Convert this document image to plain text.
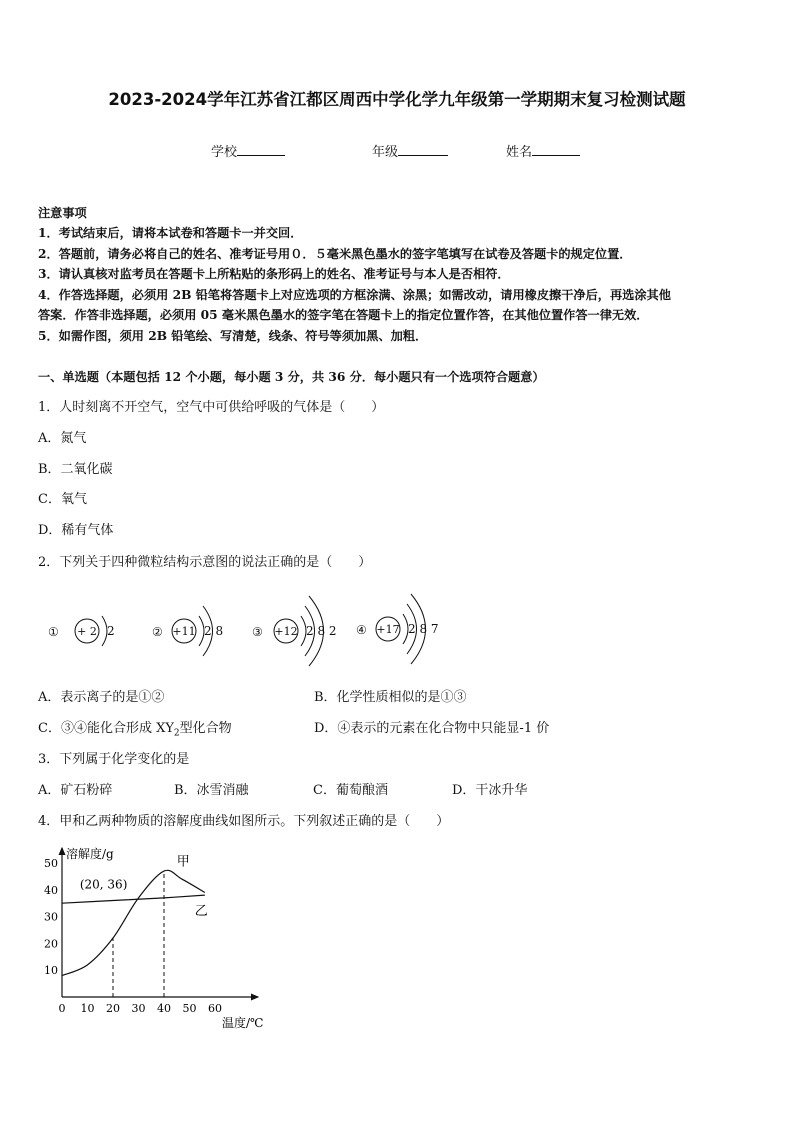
2023-2024学年江苏省江都区周西中学化学九年级第一学期期末复习检测试题
学校	年级	姓名
注意事项
1．考试结束后，请将本试卷和答题卡一并交回．
2．答题前，请务必将自己的姓名、准考证号用０．５毫米黑色墨水的签字笔填写在试卷及答题卡的规定位置．
3．请认真核对监考员在答题卡上所粘贴的条形码上的姓名、准考证号与本人是否相符．
4．作答选择题，必须用 2B 铅笔将答题卡上对应选项的方框涂满、涂黑；如需改动，请用橡皮擦干净后，再选涂其他
答案．作答非选择题，必须用 05 毫米黑色墨水的签字笔在答题卡上的指定位置作答，在其他位置作答一律无效．
5．如需作图，须用 2B 铅笔绘、写清楚，线条、符号等须加黑、加粗．
一、单选题（本题包括 12 个小题，每小题 3 分，共 36 分．每小题只有一个选项符合题意）
1．人时刻离不开空气，空气中可供给呼吸的气体是（　　）
A．氮气
B．二氧化碳
C．氧气
D．稀有气体
2．下列关于四种微粒结构示意图的说法正确的是（　　）
① + 2 2	② +11 2 8 ③ +12 2 8 2 ④ +17 2 8 7
A．表示离子的是①②	B．化学性质相似的是①③
C．③④能化合形成 $XY_2$型化合物	D．④表示的元素在化合物中只能显-1 价
3．下列属于化学变化的是
A．矿石粉碎	B．冰雪消融	C．葡萄酿酒	D．干冰升华
4．甲和乙两种物质的溶解度曲线如图所示。下列叙述正确的是（　　）
溶解度/g
温度/℃
0 10 20 30 40 50 60
10
20
30
40
50	甲
乙
(20, 36)
